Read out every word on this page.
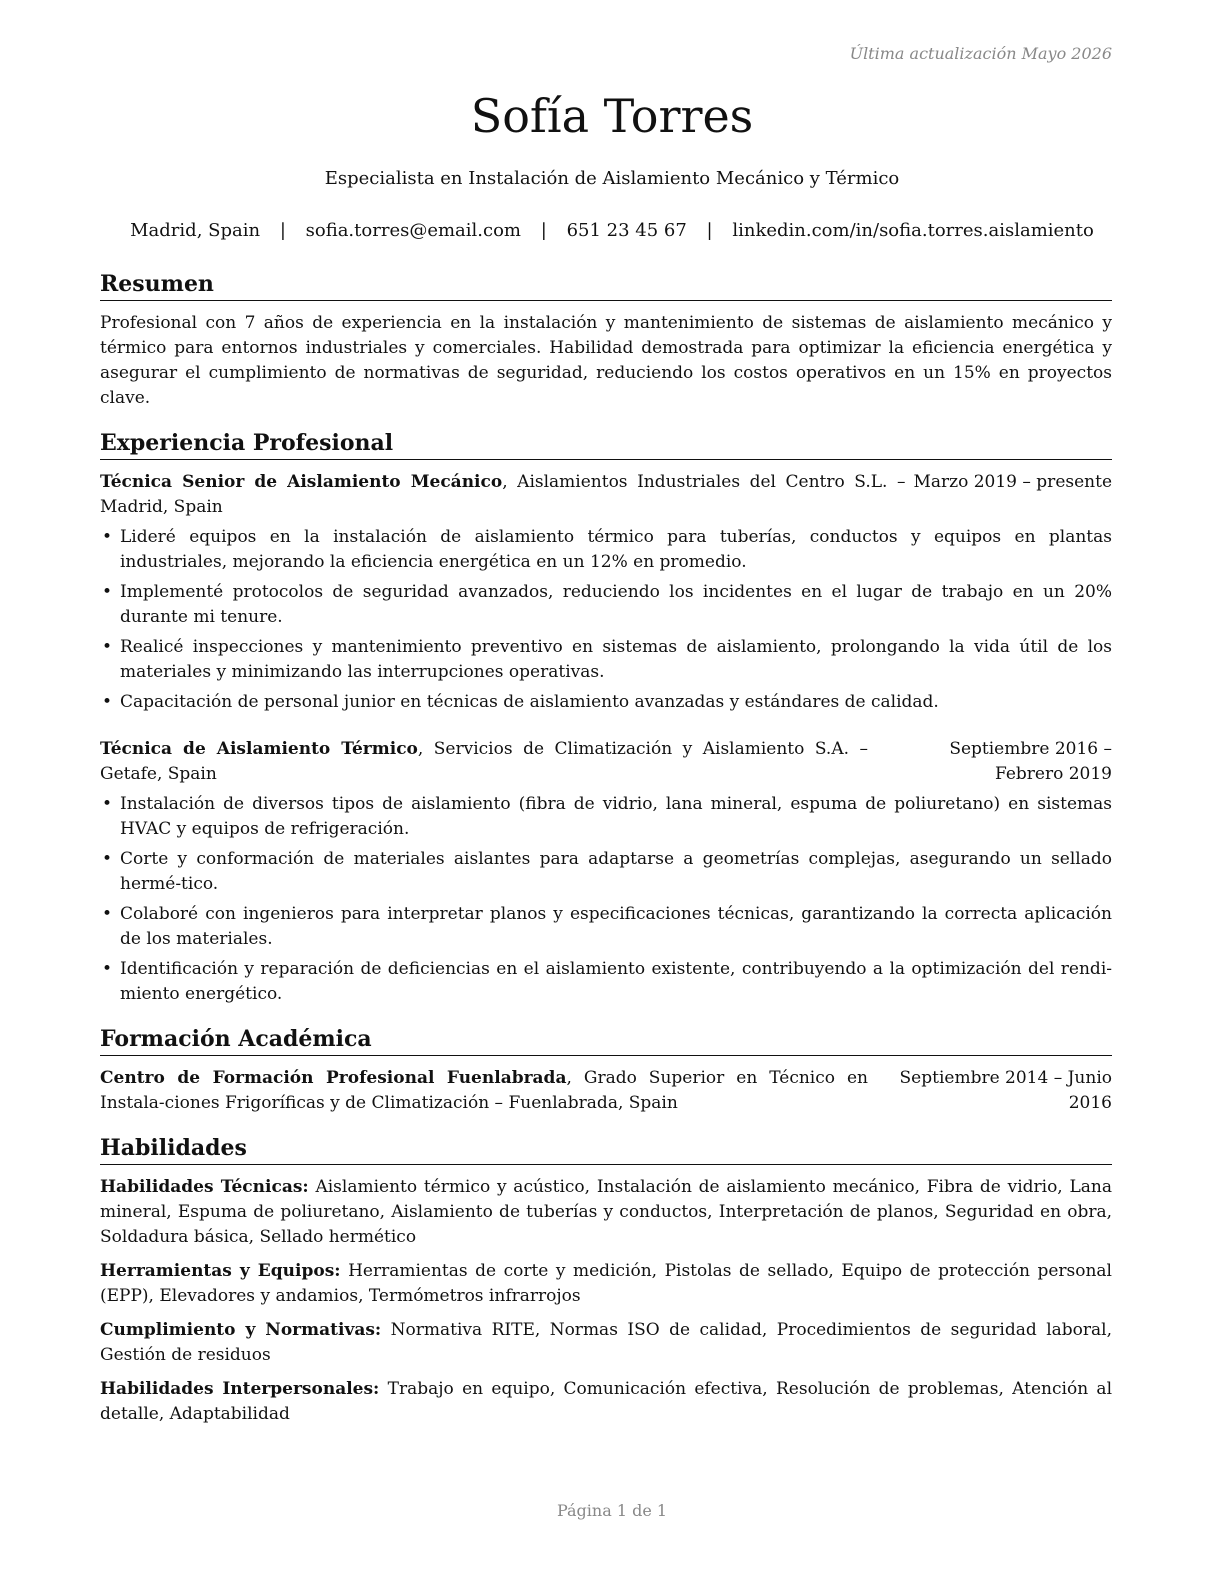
Última actualización Mayo 2026
Sofía Torres
Especialista en Instalación de Aislamiento Mecánico y Térmico
Madrid, Spain | sofia.torres@email.com | 651 23 45 67 | linkedin.com/in/sofia.torres.aislamiento
Resumen

Profesional con 7 años de experiencia en la instalación y mantenimiento de sistemas de aislamiento mecánico y térmico para entornos industriales y comerciales. Habilidad demostrada para optimizar la eficiencia energética y asegurar el cumplimiento de normativas de seguridad, reduciendo los costos operativos en un 15% en proyectos clave.

Experiencia Profesional
Técnica Senior de Aislamiento Mecánico, Aislamientos Industriales del Centro S.L. – Madrid, Spain
Marzo 2019 – presente
• Lideré equipos en la instalación de aislamiento térmico para tuberías, conductos y equipos en plantas industriales, mejorando la eficiencia energética en un 12% en promedio.
• Implementé protocolos de seguridad avanzados, reduciendo los incidentes en el lugar de trabajo en un 20% durante mi tenure.
• Realicé inspecciones y mantenimiento preventivo en sistemas de aislamiento, prolongando la vida útil de los materiales y minimizando las interrupciones operativas.
• Capacitación de personal junior en técnicas de aislamiento avanzadas y estándares de calidad.
Técnica de Aislamiento Térmico, Servicios de Climatización y Aislamiento S.A. – Getafe, Spain
Septiembre 2016 – Febrero 2019
• Instalación de diversos tipos de aislamiento (fibra de vidrio, lana mineral, espuma de poliuretano) en sistemas HVAC y equipos de refrigeración.
• Corte y conformación de materiales aislantes para adaptarse a geometrías complejas, asegurando un sellado hermé-tico.
• Colaboré con ingenieros para interpretar planos y especificaciones técnicas, garantizando la correcta aplicación de los materiales.
• Identificación y reparación de deficiencias en el aislamiento existente, contribuyendo a la optimización del rendi-miento energético.
Formación Académica
Centro de Formación Profesional Fuenlabrada, Grado Superior en Técnico en Instala-ciones Frigoríficas y de Climatización – Fuenlabrada, Spain
Septiembre 2014 – Junio 2016
Habilidades
Habilidades Técnicas: Aislamiento térmico y acústico, Instalación de aislamiento mecánico, Fibra de vidrio, Lana mineral, Espuma de poliuretano, Aislamiento de tuberías y conductos, Interpretación de planos, Seguridad en obra, Soldadura básica, Sellado hermético
Herramientas y Equipos: Herramientas de corte y medición, Pistolas de sellado, Equipo de protección personal (EPP), Elevadores y andamios, Termómetros infrarrojos
Cumplimiento y Normativas: Normativa RITE, Normas ISO de calidad, Procedimientos de seguridad laboral, Gestión de residuos
Habilidades Interpersonales: Trabajo en equipo, Comunicación efectiva, Resolución de problemas, Atención al detalle, Adaptabilidad
Página 1 de 1
